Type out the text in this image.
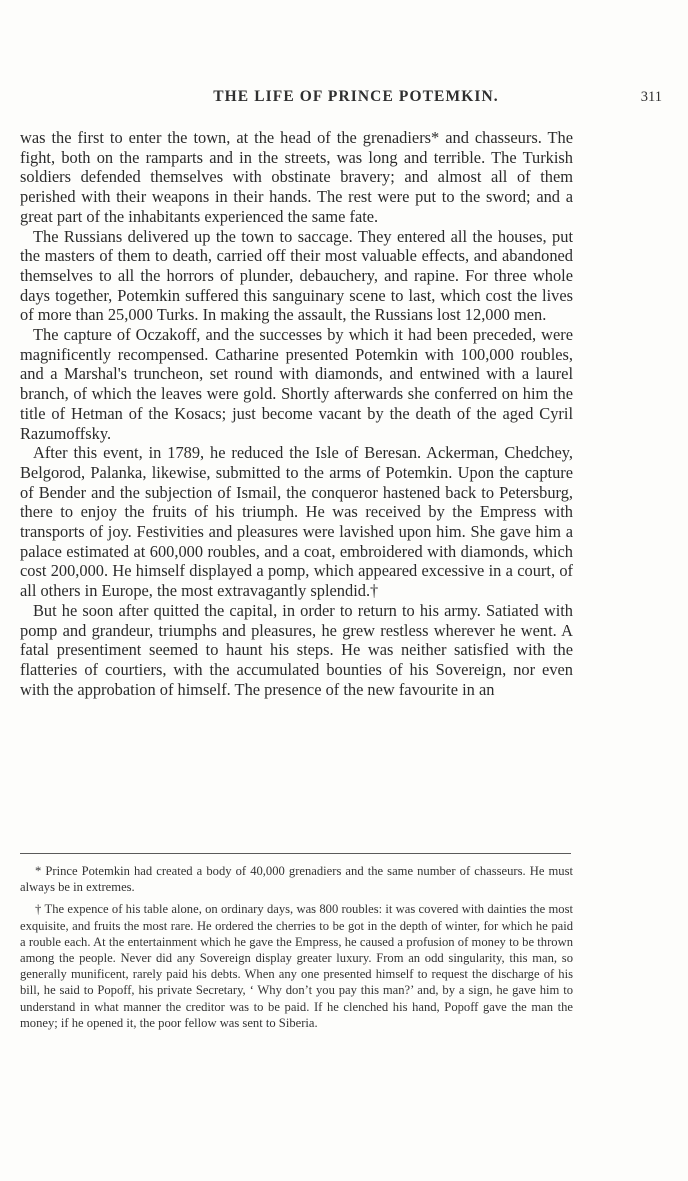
THE LIFE OF PRINCE POTEMKIN.	311

was the first to enter the town, at the head of the grenadiers* and chasseurs. The fight, both on the ramparts and in the streets, was long and terrible. The Turkish soldiers defended themselves with obstinate bravery; and almost all of them perished with their weapons in their hands. The rest were put to the sword; and a great part of the inhabitants experienced the same fate.

The Russians delivered up the town to saccage. They entered all the houses, put the masters of them to death, carried off their most valuable effects, and abandoned themselves to all the horrors of plunder, debauchery, and rapine. For three whole days together, Potemkin suffered this sanguinary scene to last, which cost the lives of more than 25,000 Turks. In making the assault, the Russians lost 12,000 men.

The capture of Oczakoff, and the successes by which it had been preceded, were magnificently recompensed. Catharine presented Potemkin with 100,000 roubles, and a Marshal's truncheon, set round with diamonds, and entwined with a laurel branch, of which the leaves were gold. Shortly afterwards she conferred on him the title of Hetman of the Kosacs; just become vacant by the death of the aged Cyril Razumoffsky.

After this event, in 1789, he reduced the Isle of Beresan. Ackerman, Chedchey, Belgorod, Palanka, likewise, submitted to the arms of Potemkin. Upon the capture of Bender and the subjection of Ismail, the conqueror hastened back to Petersburg, there to enjoy the fruits of his triumph. He was received by the Empress with transports of joy. Festivities and pleasures were lavished upon him. She gave him a palace estimated at 600,000 roubles, and a coat, embroidered with diamonds, which cost 200,000. He himself displayed a pomp, which appeared excessive in a court, of all others in Europe, the most extravagantly splendid.†

But he soon after quitted the capital, in order to return to his army. Satiated with pomp and grandeur, triumphs and pleasures, he grew restless wherever he went. A fatal presentiment seemed to haunt his steps. He was neither satisfied with the flatteries of courtiers, with the accumulated bounties of his Sovereign, nor even with the approbation of himself. The presence of the new favourite in an

* Prince Potemkin had created a body of 40,000 grenadiers and the same number of chasseurs. He must always be in extremes.

† The expence of his table alone, on ordinary days, was 800 roubles: it was covered with dainties the most exquisite, and fruits the most rare. He ordered the cherries to be got in the depth of winter, for which he paid a rouble each. At the entertainment which he gave the Empress, he caused a profusion of money to be thrown among the people. Never did any Sovereign display greater luxury. From an odd singularity, this man, so generally munificent, rarely paid his debts. When any one presented himself to request the discharge of his bill, he said to Popoff, his private Secretary, ‘ Why don’t you pay this man?’ and, by a sign, he gave him to understand in what manner the creditor was to be paid. If he clenched his hand, Popoff gave the man the money; if he opened it, the poor fellow was sent to Siberia.
